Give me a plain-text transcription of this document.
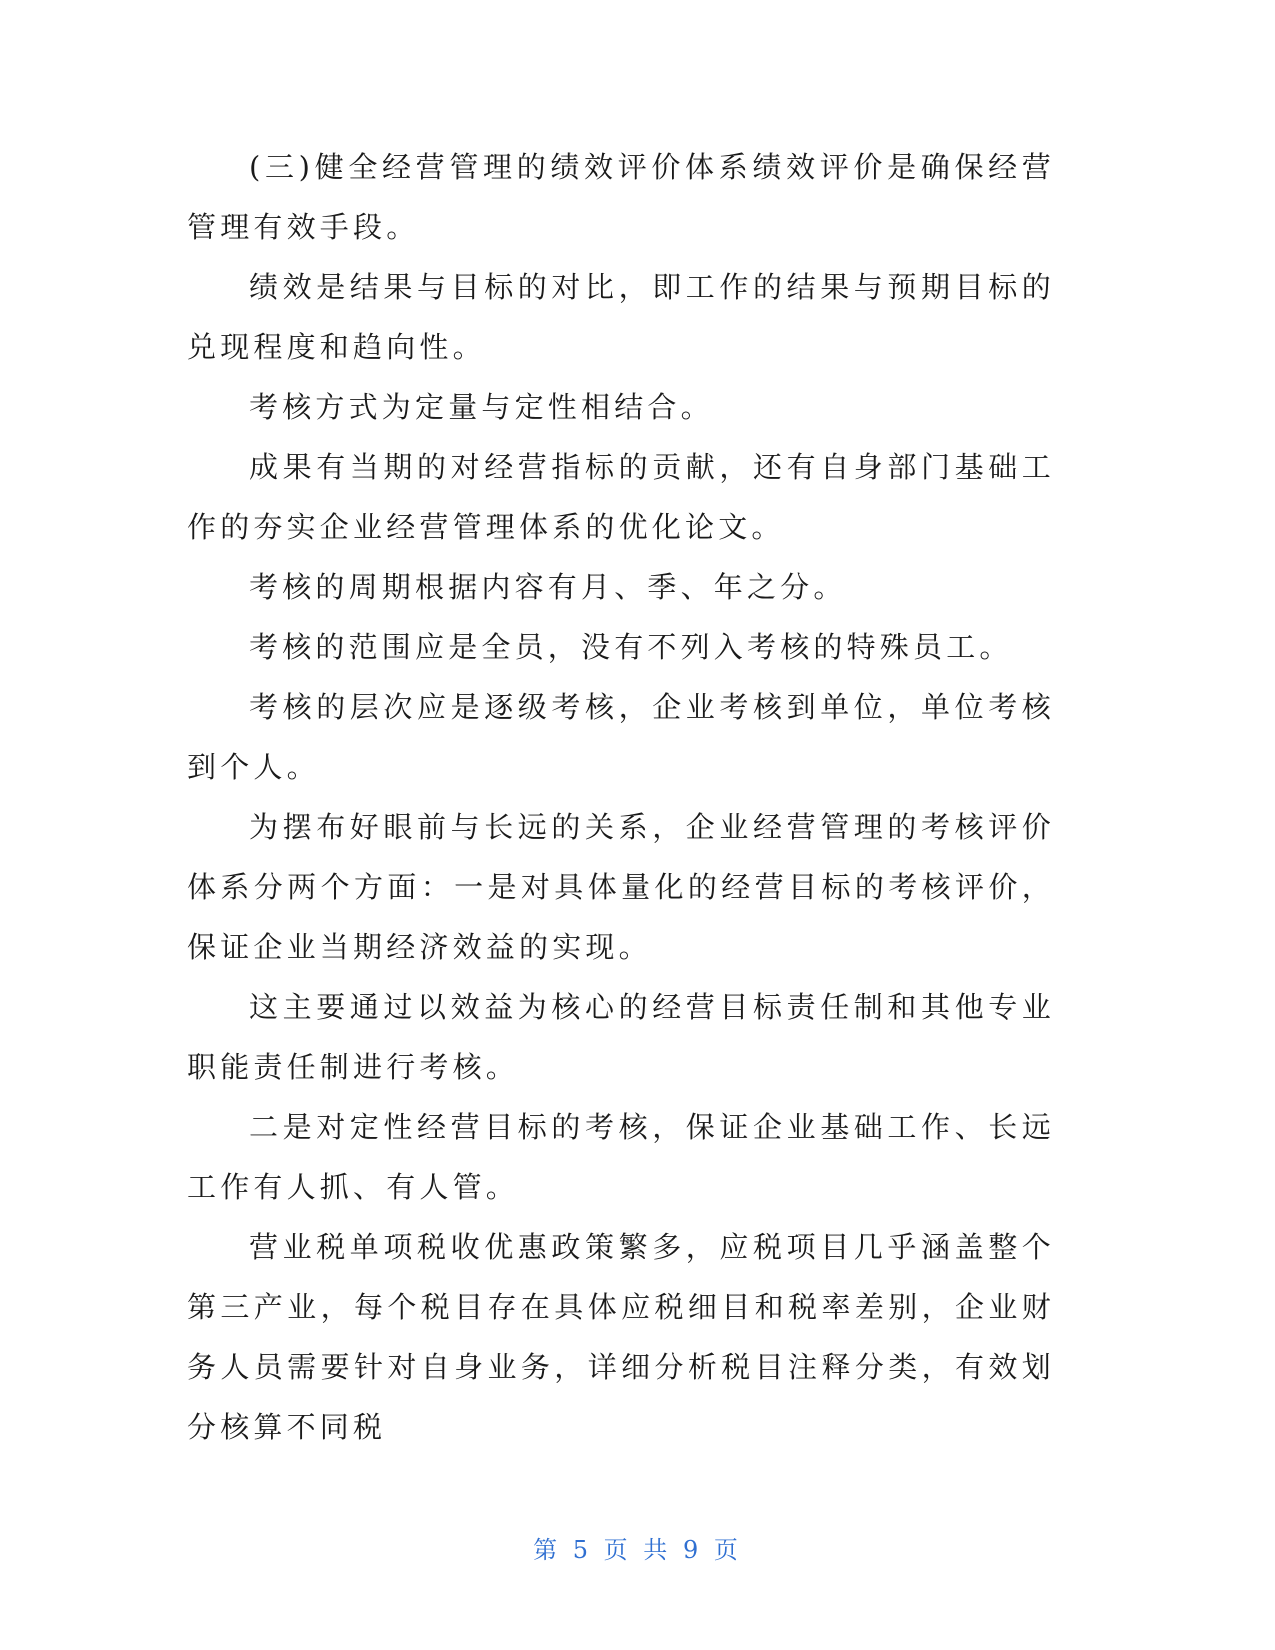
(三)健全经营管理的绩效评价体系绩效评价是确保经营管理有效手段。

绩效是结果与目标的对比，即工作的结果与预期目标的兑现程度和趋向性。

考核方式为定量与定性相结合。

成果有当期的对经营指标的贡献，还有自身部门基础工作的夯实企业经营管理体系的优化论文。

考核的周期根据内容有月、季、年之分。

考核的范围应是全员，没有不列入考核的特殊员工。

考核的层次应是逐级考核，企业考核到单位，单位考核到个人。

为摆布好眼前与长远的关系，企业经营管理的考核评价体系分两个方面：一是对具体量化的经营目标的考核评价，保证企业当期经济效益的实现。

这主要通过以效益为核心的经营目标责任制和其他专业职能责任制进行考核。

二是对定性经营目标的考核，保证企业基础工作、长远工作有人抓、有人管。

营业税单项税收优惠政策繁多，应税项目几乎涵盖整个第三产业，每个税目存在具体应税细目和税率差别，企业财务人员需要针对自身业务，详细分析税目注释分类，有效划分核算不同税

第 5 页 共 9 页
